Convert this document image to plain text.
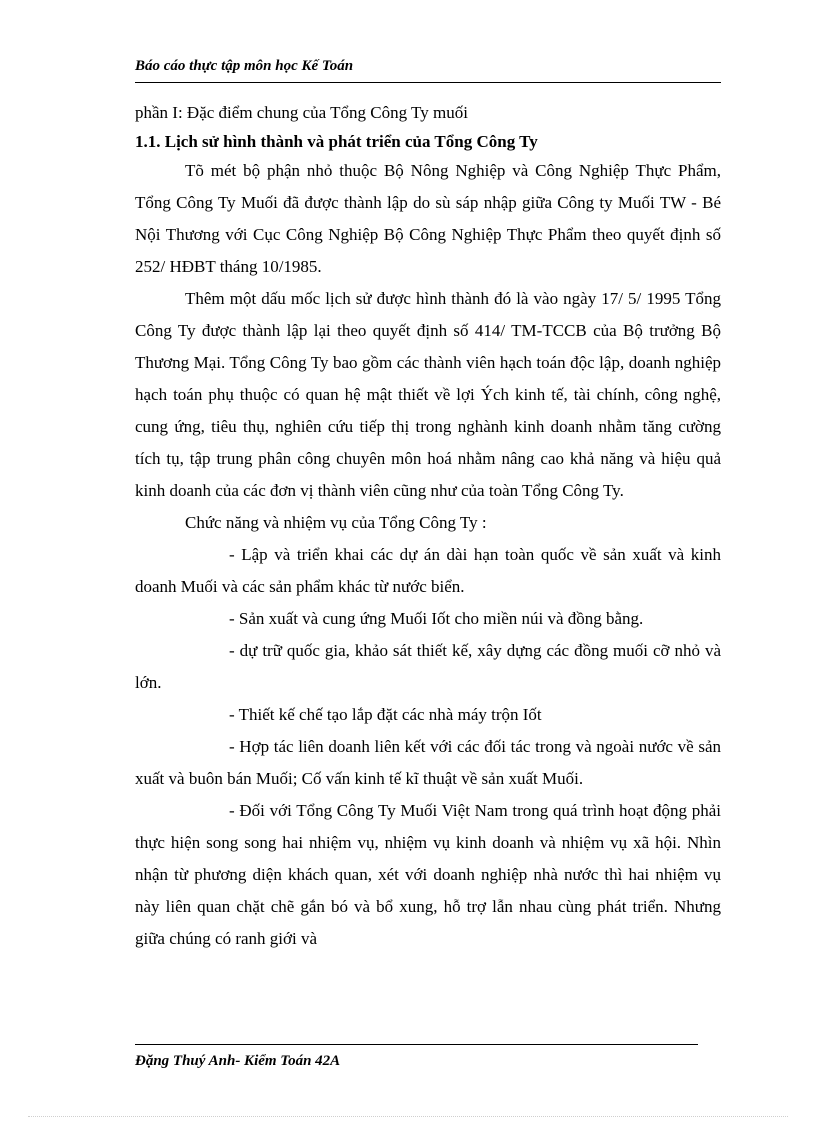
Báo cáo thực tập môn học Kế Toán

phần I: Đặc điểm chung của Tổng Công Ty muối

1.1. Lịch sử hình thành và phát triển của Tổng Công Ty

Tõ mét bộ phận nhỏ thuộc Bộ Nông Nghiệp và Công Nghiệp Thực Phẩm, Tổng Công Ty Muối đã được thành lập do sù sáp nhập giữa Công ty Muối TW - Bé Nội Thương với Cục Công Nghiệp Bộ Công Nghiệp Thực Phẩm theo quyết định số 252/ HĐBT tháng 10/1985.

Thêm một dấu mốc lịch sử được hình thành đó là vào ngày 17/ 5/ 1995 Tổng Công Ty được thành lập lại theo quyết định số 414/ TM-TCCB của Bộ trưởng Bộ Thương Mại. Tổng Công Ty bao gồm các thành viên hạch toán độc lập, doanh nghiệp hạch toán phụ thuộc có quan hệ mật thiết về lợi Ých kinh tế, tài chính, công nghệ, cung ứng, tiêu thụ, nghiên cứu tiếp thị trong nghành kinh doanh nhằm tăng cường tích tụ, tập trung phân công chuyên môn hoá nhằm nâng cao khả năng và hiệu quả kinh doanh của các đơn vị thành viên cũng như của toàn Tổng Công Ty.

Chức năng và nhiệm vụ của Tổng Công Ty :

- Lập và triển khai các dự án dài hạn toàn quốc về sản xuất và kinh doanh Muối và các sản phẩm khác từ nước biển.

- Sản xuất và cung ứng Muối Iốt cho miền núi và đồng bằng.

- dự trữ quốc gia, khảo sát thiết kế, xây dựng các đồng muối cỡ nhỏ và lớn.

- Thiết kế chế tạo lắp đặt các nhà máy trộn Iốt

- Hợp tác liên doanh liên kết với các đối tác trong và ngoài nước về sản xuất và buôn bán Muối; Cố vấn kinh tế kĩ thuật về sản xuất Muối.

- Đối với Tổng Công Ty Muối Việt Nam trong quá trình hoạt động phải thực hiện song song hai nhiệm vụ, nhiệm vụ kinh doanh và nhiệm vụ xã hội. Nhìn nhận từ phương diện khách quan, xét với doanh nghiệp nhà nước thì hai nhiệm vụ này liên quan chặt chẽ gắn bó và bổ xung, hỗ trợ lẫn nhau cùng phát triển. Nhưng giữa chúng có ranh giới và

Đặng Thuý Anh- Kiểm Toán 42A
